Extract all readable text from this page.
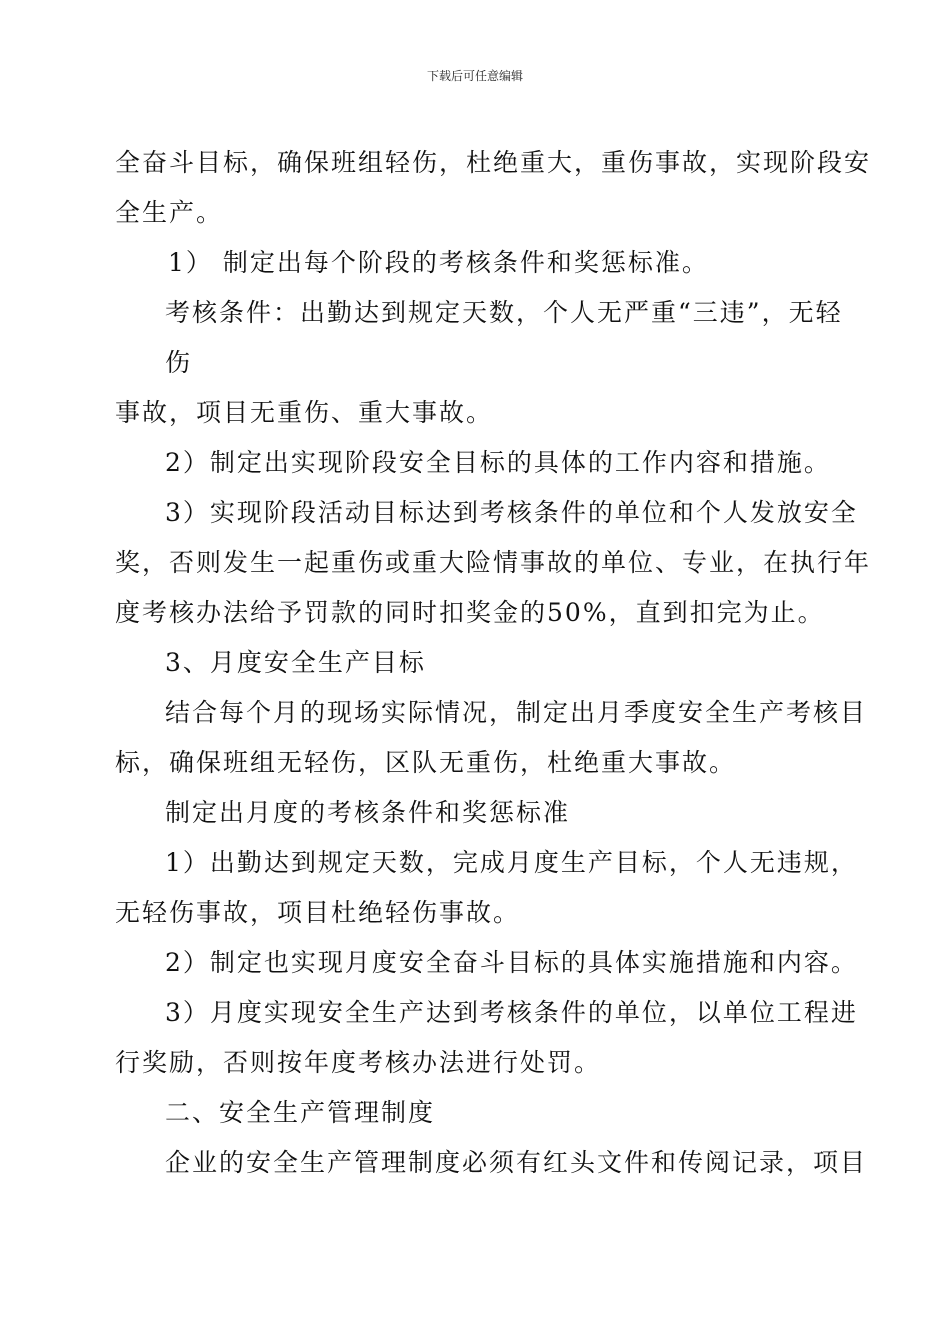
下载后可任意编辑
全奋斗目标，确保班组轻伤，杜绝重大，重伤事故，实现阶段安
全生产。
1） 制定出每个阶段的考核条件和奖惩标准。
考核条件：出勤达到规定天数，个人无严重“三违”，无轻
伤
事故，项目无重伤、重大事故。
2）制定出实现阶段安全目标的具体的工作内容和措施。
3）实现阶段活动目标达到考核条件的单位和个人发放安全
奖，否则发生一起重伤或重大险情事故的单位、专业，在执行年
度考核办法给予罚款的同时扣奖金的50%，直到扣完为止。
3、月度安全生产目标
结合每个月的现场实际情况，制定出月季度安全生产考核目
标，确保班组无轻伤，区队无重伤，杜绝重大事故。
制定出月度的考核条件和奖惩标准
1）出勤达到规定天数，完成月度生产目标，个人无违规，
无轻伤事故，项目杜绝轻伤事故。
2）制定也实现月度安全奋斗目标的具体实施措施和内容。
3）月度实现安全生产达到考核条件的单位，以单位工程进
行奖励，否则按年度考核办法进行处罚。
二、安全生产管理制度
企业的安全生产管理制度必须有红头文件和传阅记录，项目
